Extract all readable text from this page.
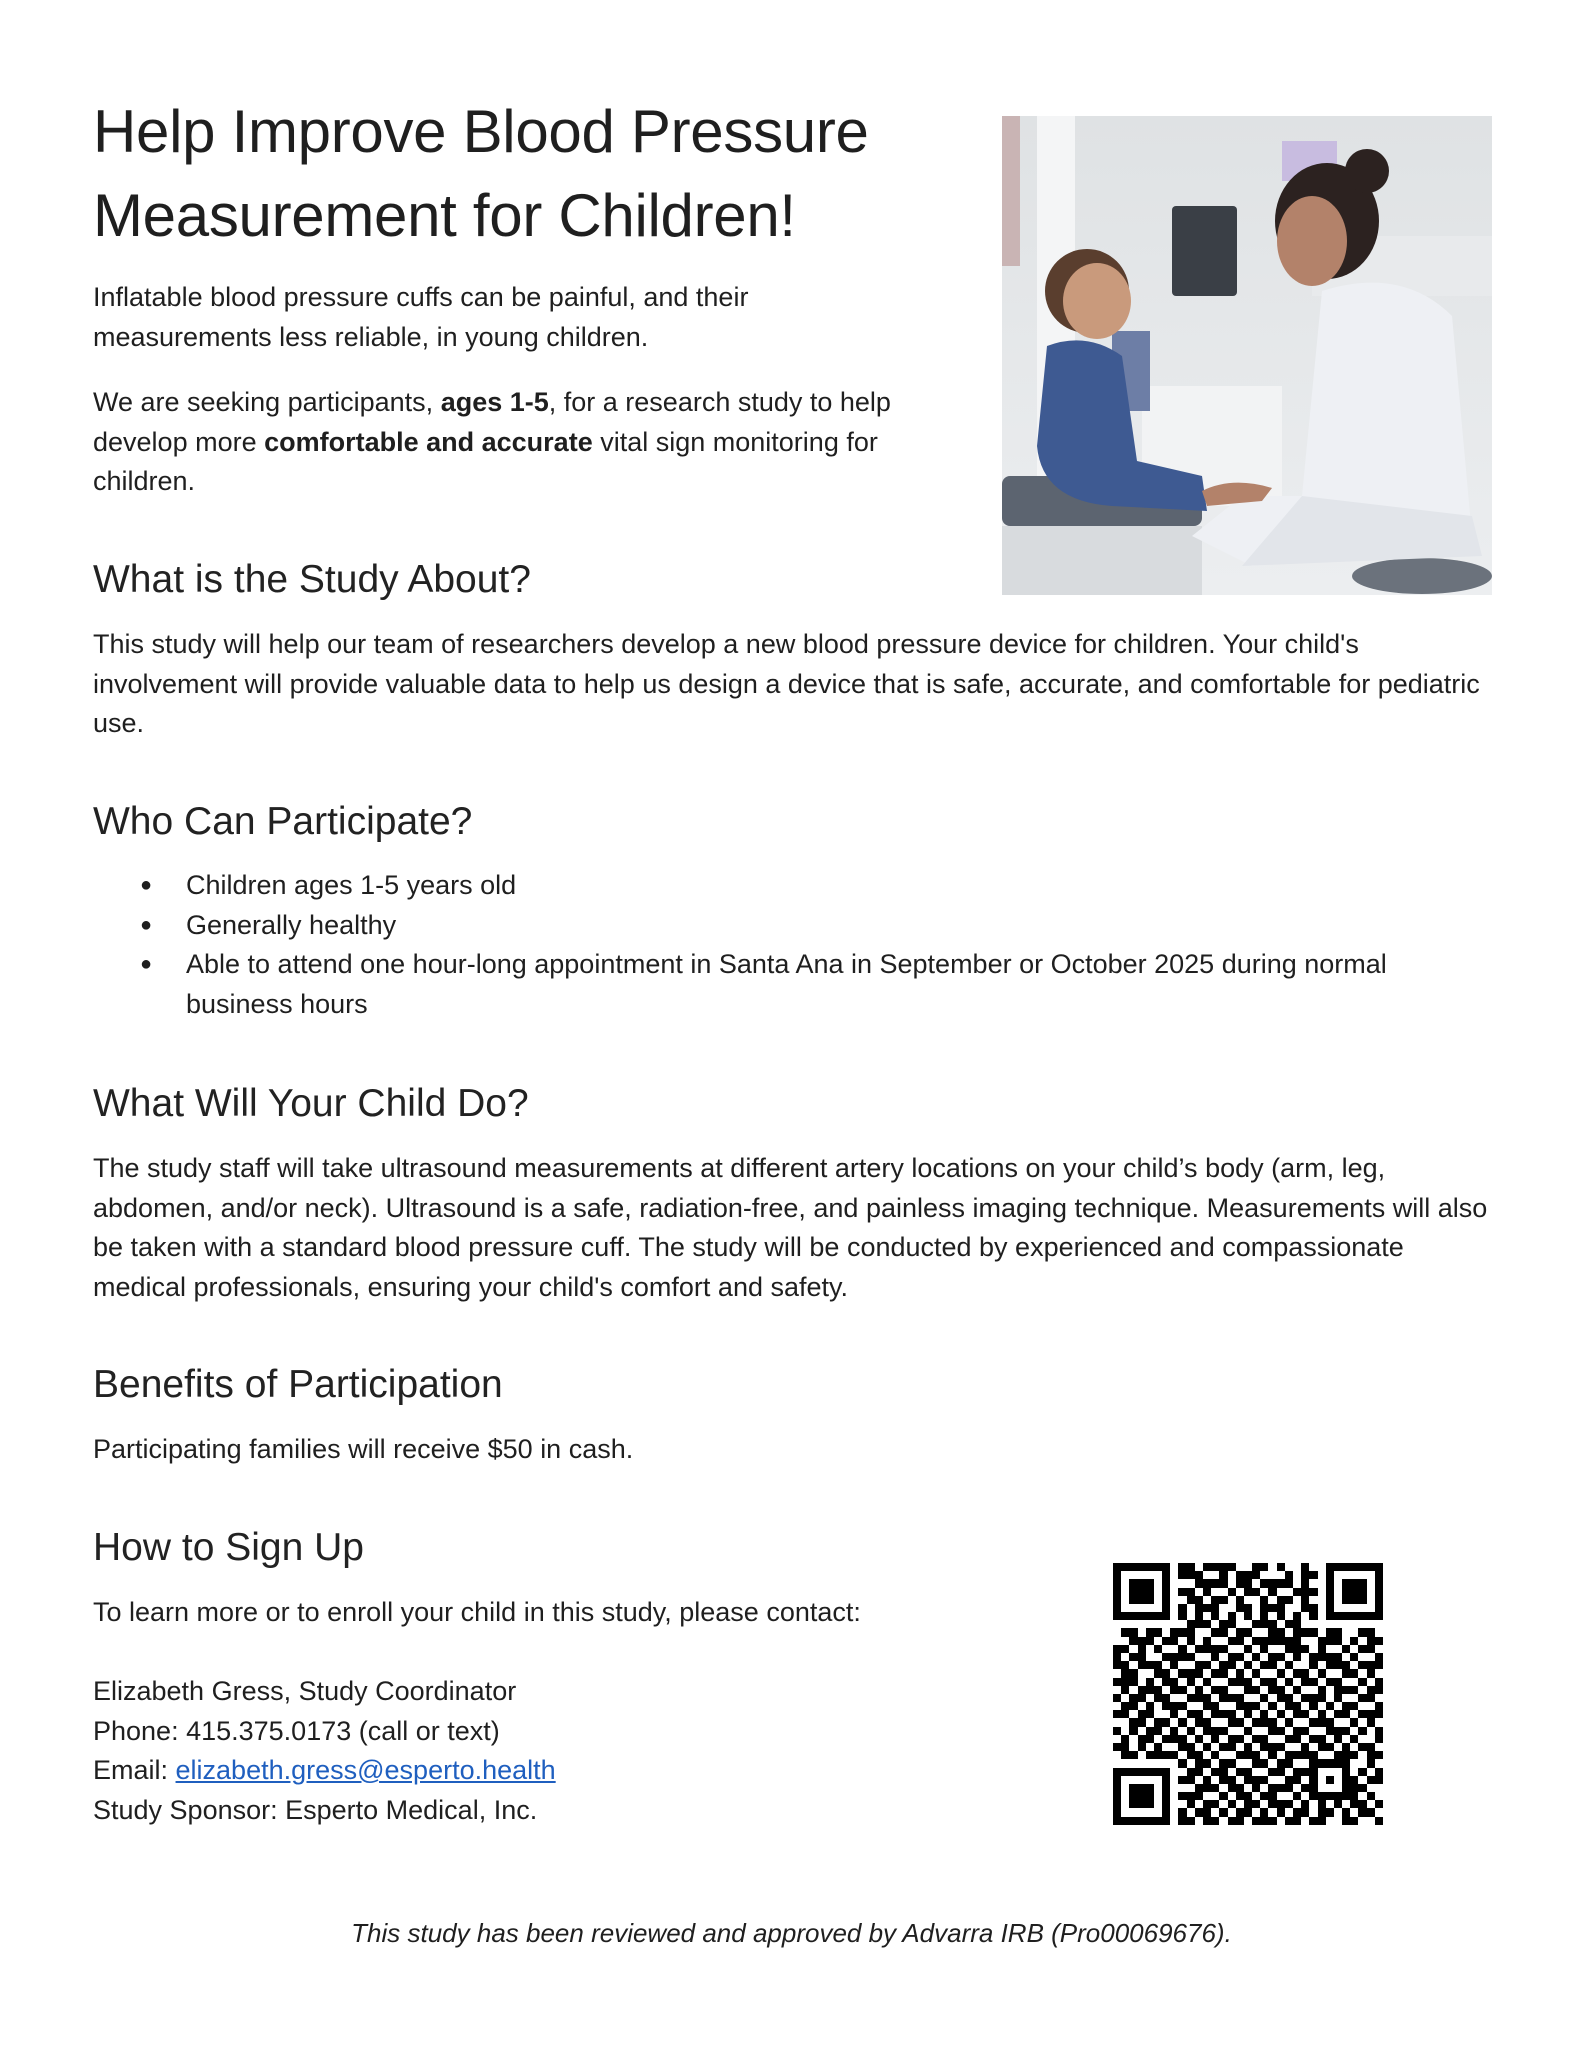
Help Improve Blood Pressure
Measurement for Children!

Inflatable blood pressure cuffs can be painful, and their measurements less reliable, in young children.

We are seeking participants, ages 1-5, for a research study to help develop more comfortable and accurate vital sign monitoring for children.

What is the Study About?

This study will help our team of researchers develop a new blood pressure device for children. Your child's involvement will provide valuable data to help us design a device that is safe, accurate, and comfortable for pediatric use.

Who Can Participate?
● Children ages 1-5 years old
● Generally healthy
● Able to attend one hour-long appointment in Santa Ana in September or October 2025 during normal business hours
What Will Your Child Do?

The study staff will take ultrasound measurements at different artery locations on your child’s body (arm, leg, abdomen, and/or neck). Ultrasound is a safe, radiation-free, and painless imaging technique. Measurements will also be taken with a standard blood pressure cuff. The study will be conducted by experienced and compassionate medical professionals, ensuring your child's comfort and safety.

Benefits of Participation

Participating families will receive $50 in cash.

How to Sign Up

To learn more or to enroll your child in this study, please contact:

Elizabeth Gress, Study Coordinator

Phone: 415.375.0173 (call or text)

Email: elizabeth.gress@esperto.health

Study Sponsor: Esperto Medical, Inc.

This study has been reviewed and approved by Advarra IRB (Pro00069676).
